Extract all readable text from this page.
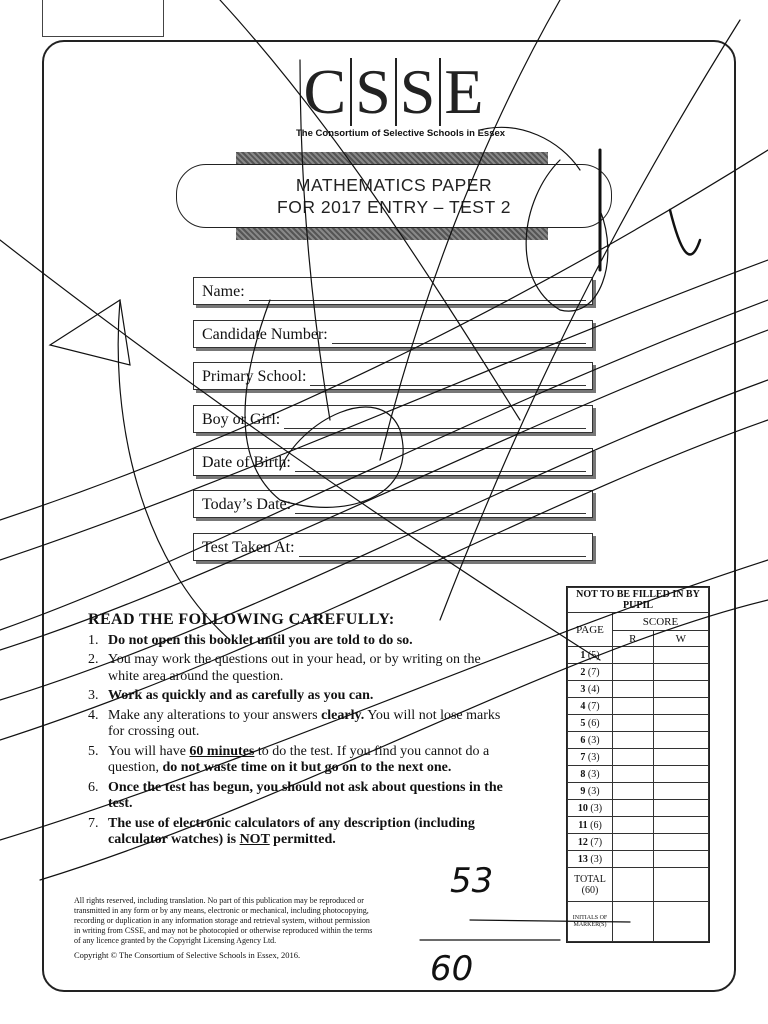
C S S E
The Consortium of Selective Schools in Essex
MATHEMATICS PAPER
FOR 2017 ENTRY – TEST 2
Name:
Candidate Number:
Primary School:
Boy or Girl:
Date of Birth:
Today’s Date:
Test Taken At:
READ THE FOLLOWING CAREFULLY:
1. Do not open this booklet until you are told to do so.
2. You may work the questions out in your head, or by writing on the white area around the question.
3. Work as quickly and as carefully as you can.
4. Make any alterations to your answers clearly. You will not lose marks for crossing out.
5. You will have 60 minutes to do the test. If you find you cannot do a question, do not waste time on it but go on to the next one.
6. Once the test has begun, you should not ask about questions in the test.
7. The use of electronic calculators of any description (including calculator watches) is NOT permitted.

All rights reserved, including translation. No part of this publication may be reproduced or transmitted in any form or by any means, electronic or mechanical, including photocopying, recording or duplication in any information storage and retrieval system, without permission in writing from CSSE, and may not be photocopied or otherwise reproduced within the terms of any licence granted by the Copyright Licensing Agency Ltd.

Copyright © The Consortium of Selective Schools in Essex, 2016.

NOT TO BE FILLED IN BY PUPIL		
PAGE	SCORE	
	R	W
1 (5)		
2 (7)		
3 (4)		
4 (7)		
5 (6)		
6 (3)		
7 (3)		
8 (3)		
9 (3)		
10 (3)		
11 (6)		
12 (7)		
13 (3)		
TOTAL
(60)		
INITIALS OF MARKER(S)		
53
60
